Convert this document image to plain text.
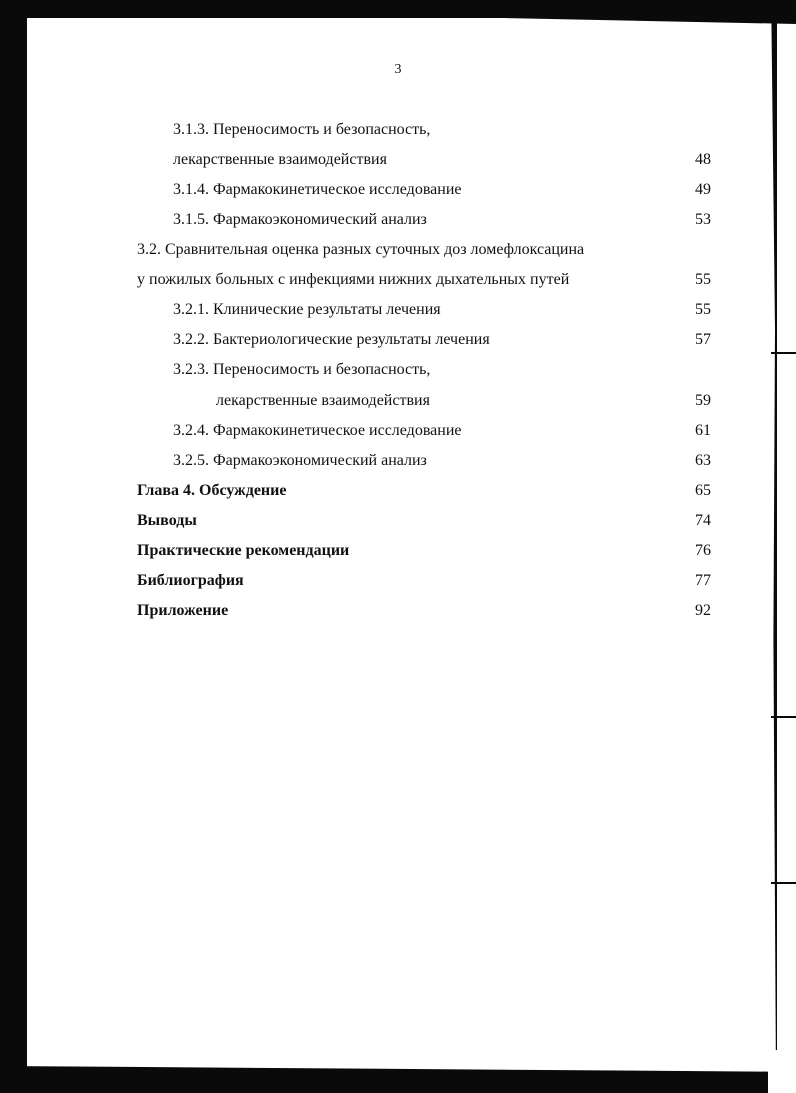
3
3.1.3. Переносимость и безопасность,
лекарственные взаимодействия	48
3.1.4. Фармакокинетическое исследование	49
3.1.5. Фармакоэкономический анализ	53
3.2. Сравнительная оценка разных суточных доз ломефлоксацина
у пожилых больных с инфекциями нижних дыхательных путей	55
3.2.1. Клинические результаты лечения	55
3.2.2. Бактериологические результаты лечения	57
3.2.3. Переносимость и безопасность,
лекарственные взаимодействия	59
3.2.4. Фармакокинетическое исследование	61
3.2.5. Фармакоэкономический анализ	63
Глава 4. Обсуждение	65
Выводы	74
Практические рекомендации	76
Библиография	77
Приложение	92
